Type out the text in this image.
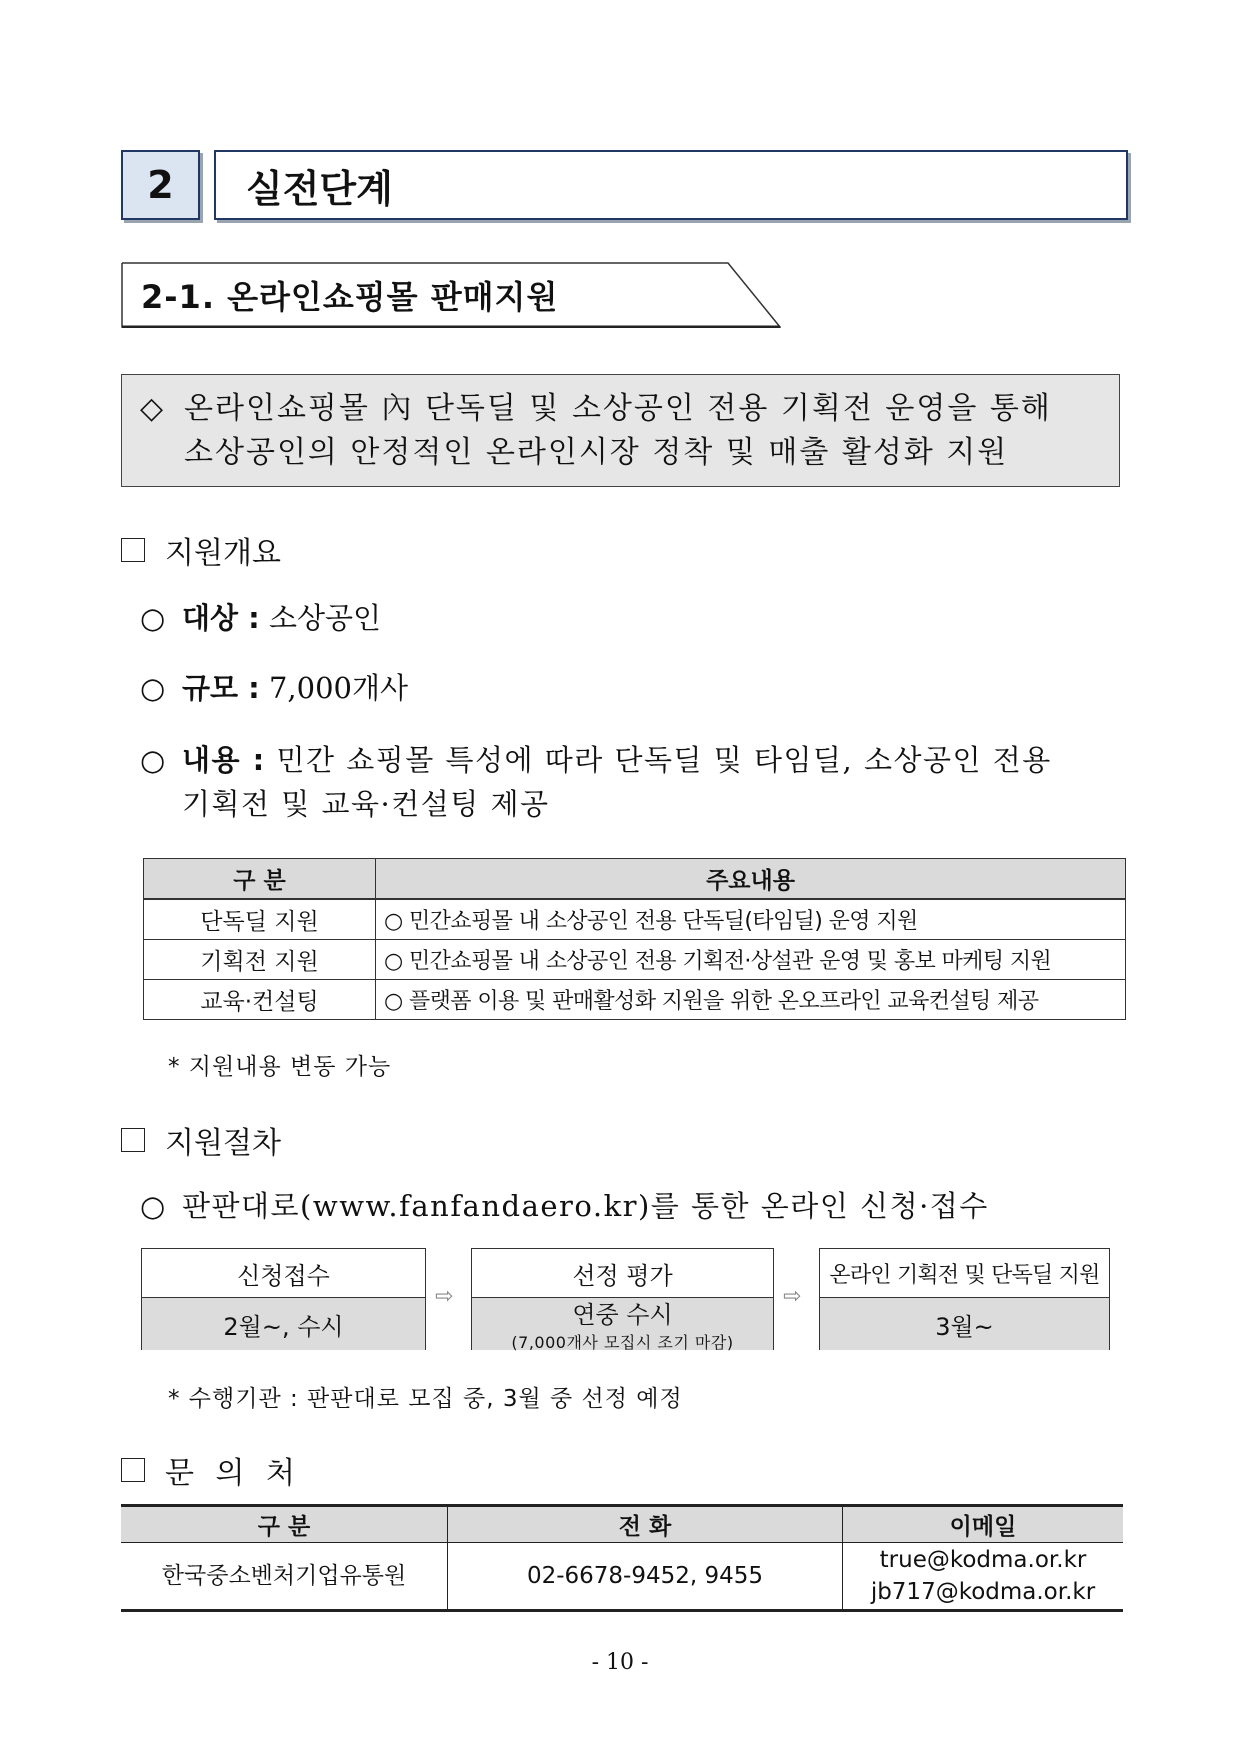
2 실전단계
2-1. 온라인쇼핑몰 판매지원
◇ 온라인쇼핑몰 內 단독딜 및 소상공인 전용 기획전 운영을 통해
소상공인의 안정적인 온라인시장 정착 및 매출 활성화 지원
지원개요
○ 대상 : 소상공인
○ 규모 : 7,000개사
○ 내용 : 민간 쇼핑몰 특성에 따라 단독딜 및 타임딜, 소상공인 전용
기획전 및 교육·컨설팅 제공
구 분	주요내용
단독딜 지원	○ 민간쇼핑몰 내 소상공인 전용 단독딜(타임딜) 운영 지원
기획전 지원	○ 민간쇼핑몰 내 소상공인 전용 기획전·상설관 운영 및 홍보 마케팅 지원
교육·컨설팅	○ 플랫폼 이용 및 판매활성화 지원을 위한 온오프라인 교육컨설팅 제공
* 지원내용 변동 가능
지원절차
○ 판판대로(www.fanfandaero.kr)를 통한 온라인 신청·접수
신청접수
2월~, 수시
⇨
선정 평가
연중 수시
(7,000개사 모집시 조기 마감)
⇨
온라인 기획전 및 단독딜 지원
3월~
* 수행기관 : 판판대로 모집 중, 3월 중 선정 예정
문 의 처
구 분	전 화	이메일
한국중소벤처기업유통원	02-6678-9452, 9455	true@kodma.or.kr
jb717@kodma.or.kr
- 10 -
